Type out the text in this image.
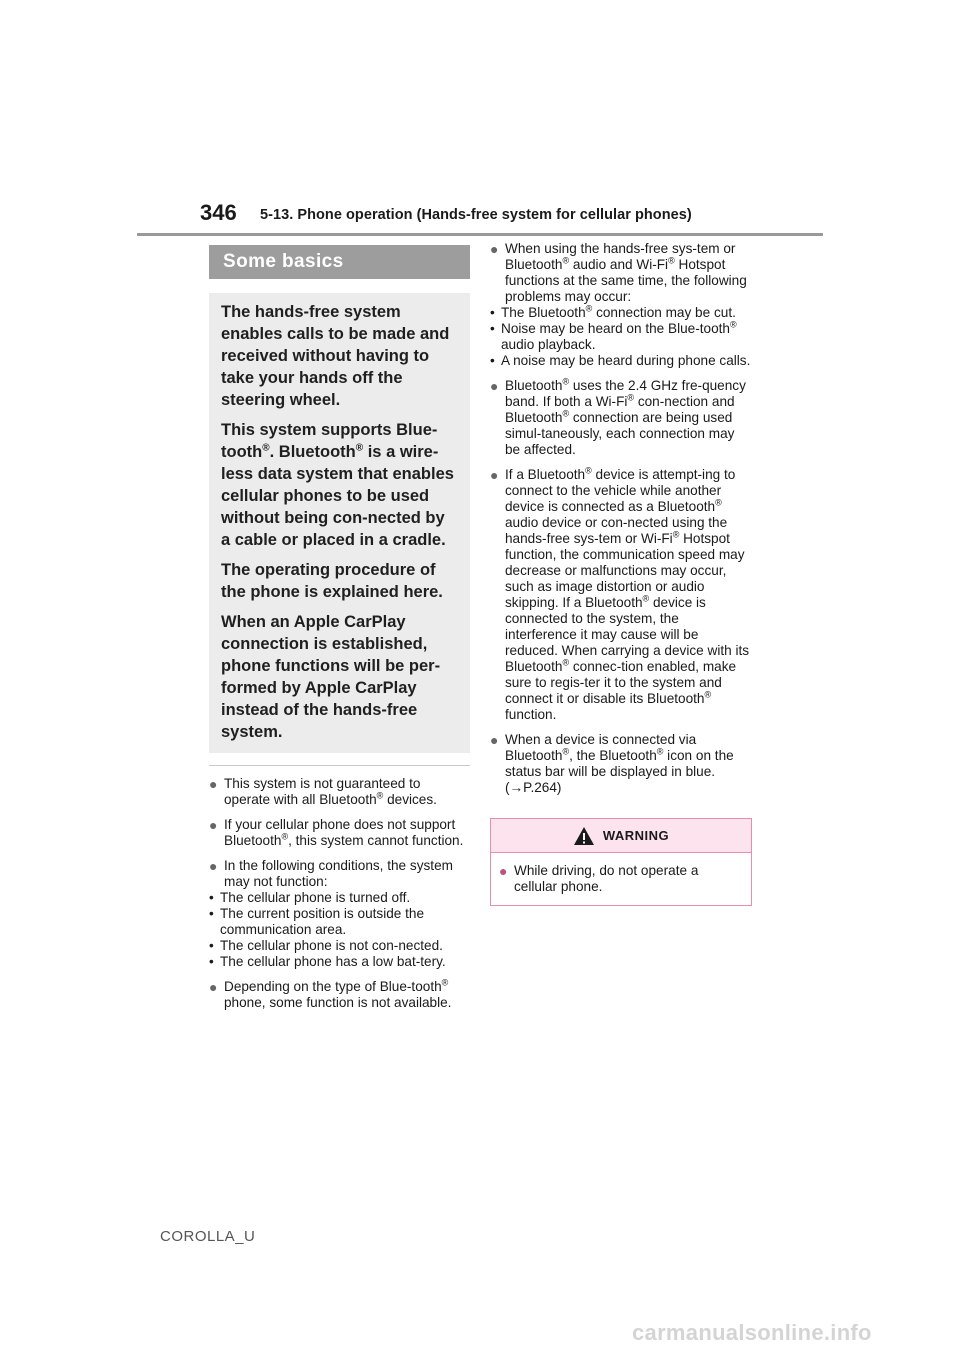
346 5-13. Phone operation (Hands-free system for cellular phones)
Some basics

The hands-free system enables calls to be made and received without having to take your hands off the steering wheel.

This system supports Blue-tooth®. Bluetooth® is a wire-less data system that enables cellular phones to be used without being con-nected by a cable or placed in a cradle.

The operating procedure of the phone is explained here.

When an Apple CarPlay connection is established, phone functions will be per-formed by Apple CarPlay instead of the hands-free system.

● This system is not guaranteed to operate with all Bluetooth® devices.
● If your cellular phone does not support Bluetooth®, this system cannot function.
● In the following conditions, the system may not function:
• The cellular phone is turned off.
• The current position is outside the communication area.
• The cellular phone is not con-nected.
• The cellular phone has a low bat-tery.
● Depending on the type of Blue-tooth® phone, some function is not available.
● When using the hands-free sys-tem or Bluetooth® audio and Wi-Fi® Hotspot functions at the same time, the following problems may occur:
• The Bluetooth® connection may be cut.
• Noise may be heard on the Blue-tooth® audio playback.
• A noise may be heard during phone calls.
● Bluetooth® uses the 2.4 GHz fre-quency band. If both a Wi-Fi® con-nection and Bluetooth® connection are being used simul-taneously, each connection may be affected.
● If a Bluetooth® device is attempt-ing to connect to the vehicle while another device is connected as a Bluetooth® audio device or con-nected using the hands-free sys-tem or Wi-Fi® Hotspot function, the communication speed may decrease or malfunctions may occur, such as image distortion or audio skipping. If a Bluetooth® device is connected to the system, the interference it may cause will be reduced. When carrying a device with its Bluetooth® connec-tion enabled, make sure to regis-ter it to the system and connect it or disable its Bluetooth® function.
● When a device is connected via Bluetooth®, the Bluetooth® icon on the status bar will be displayed in blue. (→P.264)
WARNING
● While driving, do not operate a cellular phone.
COROLLA_U
carmanualsonline.info
